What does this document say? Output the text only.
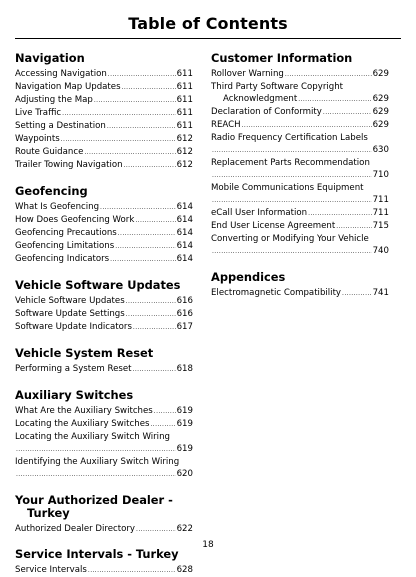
Table of Contents
Navigation
Accessing Navigation .....	611
Navigation Map Updates .....	611
Adjusting the Map .....	611
Live Traffic .....	611
Setting a Destination .....	611
Waypoints .....	612
Route Guidance .....	612
Trailer Towing Navigation .....	612
Geofencing
What Is Geofencing .....	614
How Does Geofencing Work .....	614
Geofencing Precautions .....	614
Geofencing Limitations .....	614
Geofencing Indicators .....	614
Vehicle Software Updates
Vehicle Software Updates .....	616
Software Update Settings .....	616
Software Update Indicators .....	617
Vehicle System Reset
Performing a System Reset .....	618
Auxiliary Switches
What Are the Auxiliary Switches .....	619
Locating the Auxiliary Switches .....	619
Locating the Auxiliary Switch Wiring
.....
619
Identifying the Auxiliary Switch Wiring
.....
620
Your Authorized Dealer -
Turkey
Authorized Dealer Directory .....	622
Service Intervals - Turkey
Service Intervals .....	628
Customer Information
Rollover Warning .....	629
Third Party Software Copyright
Acknowledgment .....	629
Declaration of Conformity .....	629
REACH .....	629
Radio Frequency Certification Labels
.....
630
Replacement Parts Recommendation
.....
710
Mobile Communications Equipment
.....
711
eCall User Information .....	711
End User License Agreement .....	715
Converting or Modifying Your Vehicle
.....
740
Appendices
Electromagnetic Compatibility .....	741
18
